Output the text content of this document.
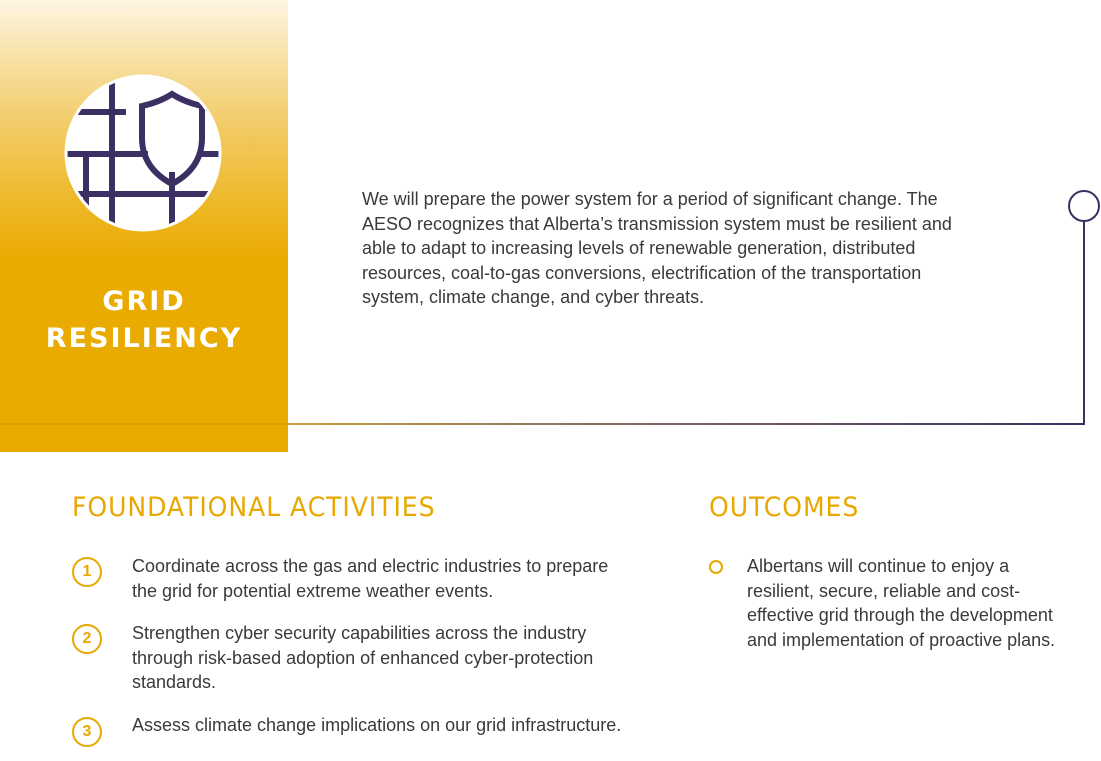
GRID
RESILIENCY
We will prepare the power system for a period of significant change. The AESO recognizes that Alberta’s transmission system must be resilient and able to adapt to increasing levels of renewable generation, distributed resources, coal-to-gas conversions, electrification of the transportation system, climate change, and cyber threats.
FOUNDATIONAL ACTIVITIES
1	Coordinate across the gas and electric industries to prepare the grid for potential extreme weather events.
2	Strengthen cyber security capabilities across the industry through risk-based adoption of enhanced cyber-protection standards.
3	Assess climate change implications on our grid infrastructure.
OUTCOMES
Albertans will continue to enjoy a resilient, secure, reliable and cost-effective grid through the development and implementation of proactive plans.
